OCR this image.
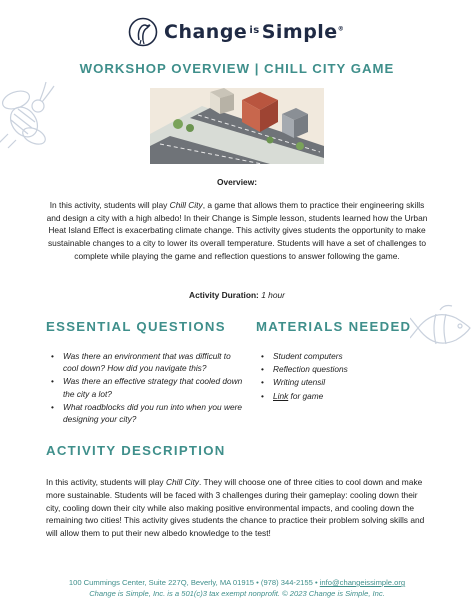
Change is Simple®
WORKSHOP OVERVIEW | CHILL CITY GAME
Overview:

In this activity, students will play Chill City, a game that allows them to practice their engineering skills and design a city with a high albedo! In their Change is Simple lesson, students learned how the Urban Heat Island Effect is exacerbating climate change. This activity gives students the opportunity to make sustainable changes to a city to lower its overall temperature. Students will have a set of challenges to complete while playing the game and reflection questions to answer following the game.

Activity Duration: 1 hour
ESSENTIAL QUESTIONS MATERIALS NEEDED
• Was there an environment that was difficult to cool down? How did you navigate this?
• Was there an effective strategy that cooled down the city a lot?
• What roadblocks did you run into when you were designing your city?
• Student computers
• Reflection questions
• Writing utensil
• Link for game
ACTIVITY DESCRIPTION

In this activity, students will play Chill City. They will choose one of three cities to cool down and make more sustainable. Students will be faced with 3 challenges during their gameplay: cooling down their city, cooling down their city while also making positive environmental impacts, and cooling down the remaining two cities! This activity gives students the chance to practice their problem solving skills and will allow them to put their new albedo knowledge to the test!

100 Cummings Center, Suite 227Q, Beverly, MA 01915 • (978) 344-2155 • info@changeissimple.org
Change is Simple, Inc. is a 501(c)3 tax exempt nonprofit. © 2023 Change is Simple, Inc.
